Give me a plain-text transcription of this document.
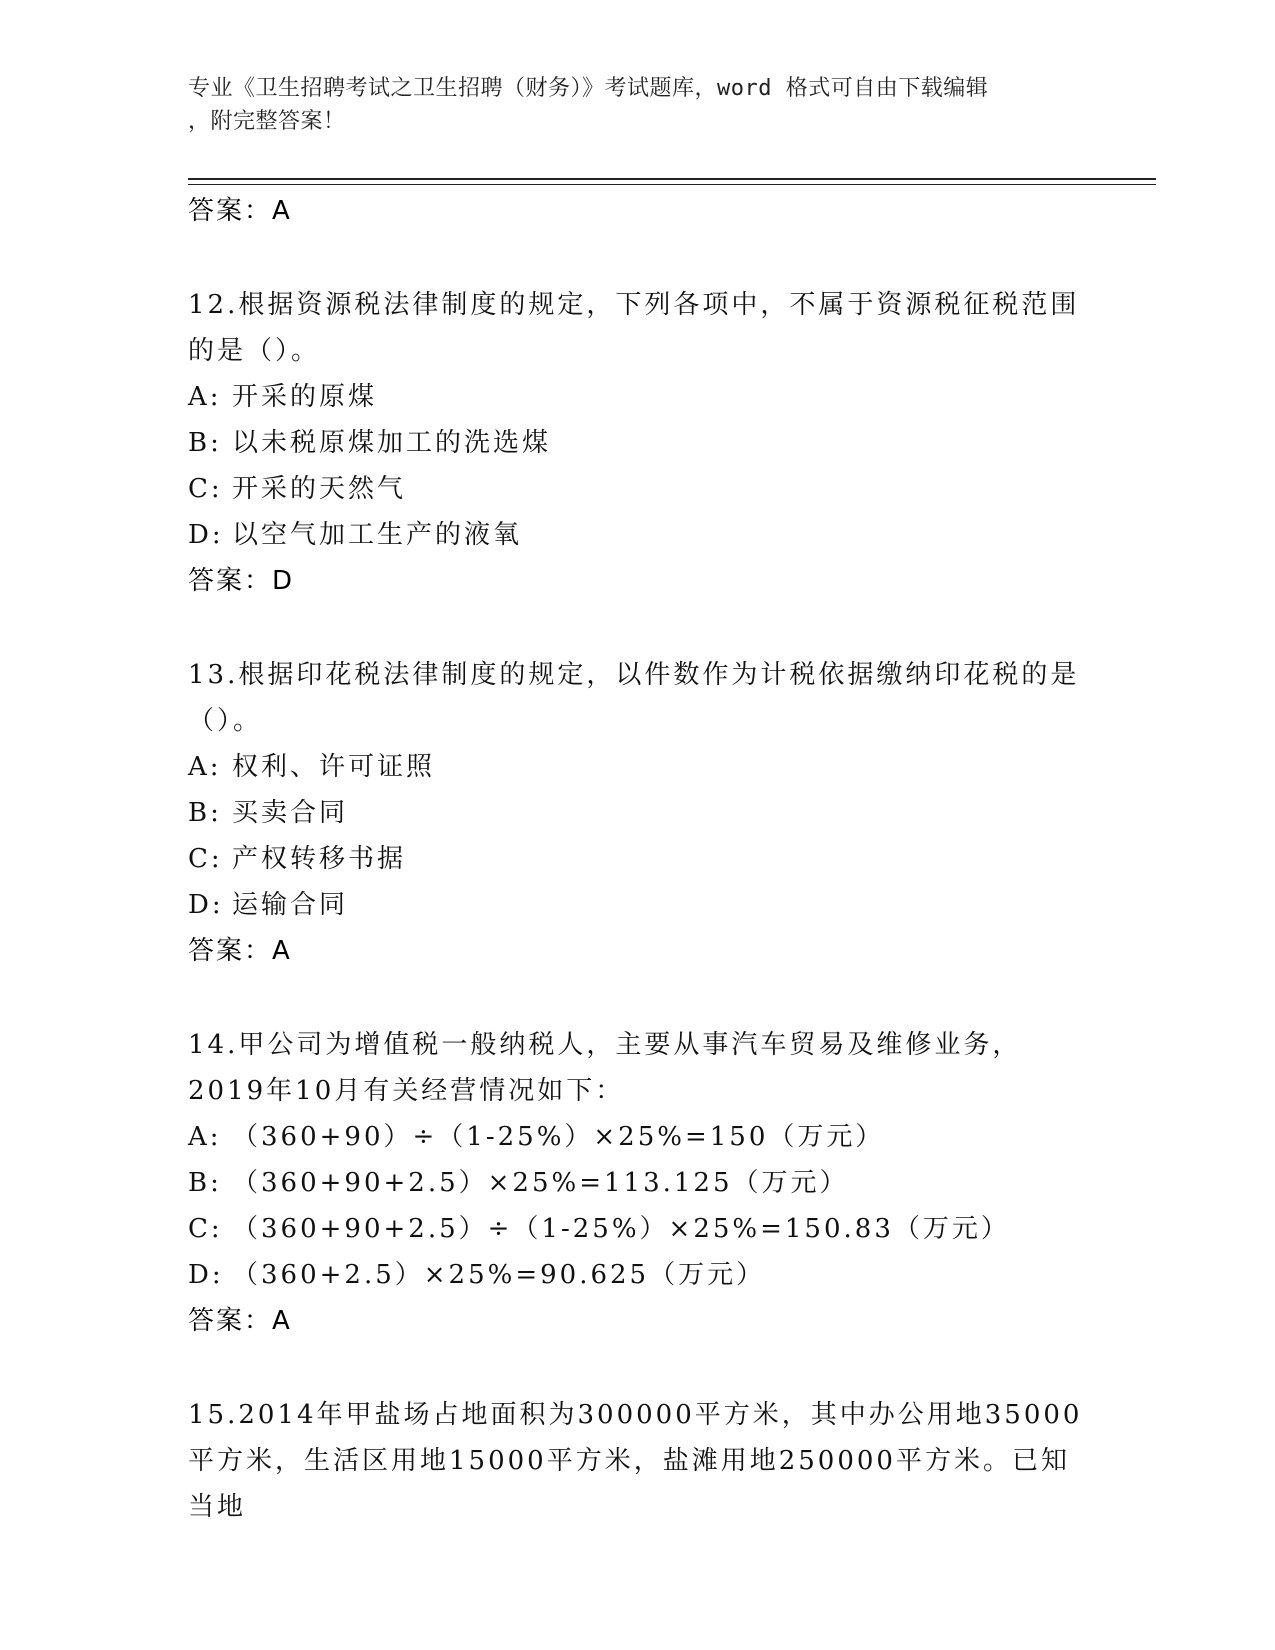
专业《卫生招聘考试之卫生招聘（财务）》考试题库，word 格式可自由下载编辑
，附完整答案！
答案：A
12.根据资源税法律制度的规定，下列各项中，不属于资源税征税范围的是（）。
A: 开采的原煤
B: 以未税原煤加工的洗选煤
C: 开采的天然气
D: 以空气加工生产的液氧
答案：D
13.根据印花税法律制度的规定，以件数作为计税依据缴纳印花税的是（）。
A: 权利、许可证照
B: 买卖合同
C: 产权转移书据
D: 运输合同
答案：A
14.甲公司为增值税一般纳税人，主要从事汽车贸易及维修业务，2019年10月有关经营情况如下：
A: （360+90）÷（1-25%）×25%=150（万元）
B: （360+90+2.5）×25%=113.125（万元）
C: （360+90+2.5）÷（1-25%）×25%=150.83（万元）
D: （360+2.5）×25%=90.625（万元）
答案：A
15.2014年甲盐场占地面积为300000平方米，其中办公用地35000平方米，生活区用地15000平方米，盐滩用地250000平方米。已知当地
